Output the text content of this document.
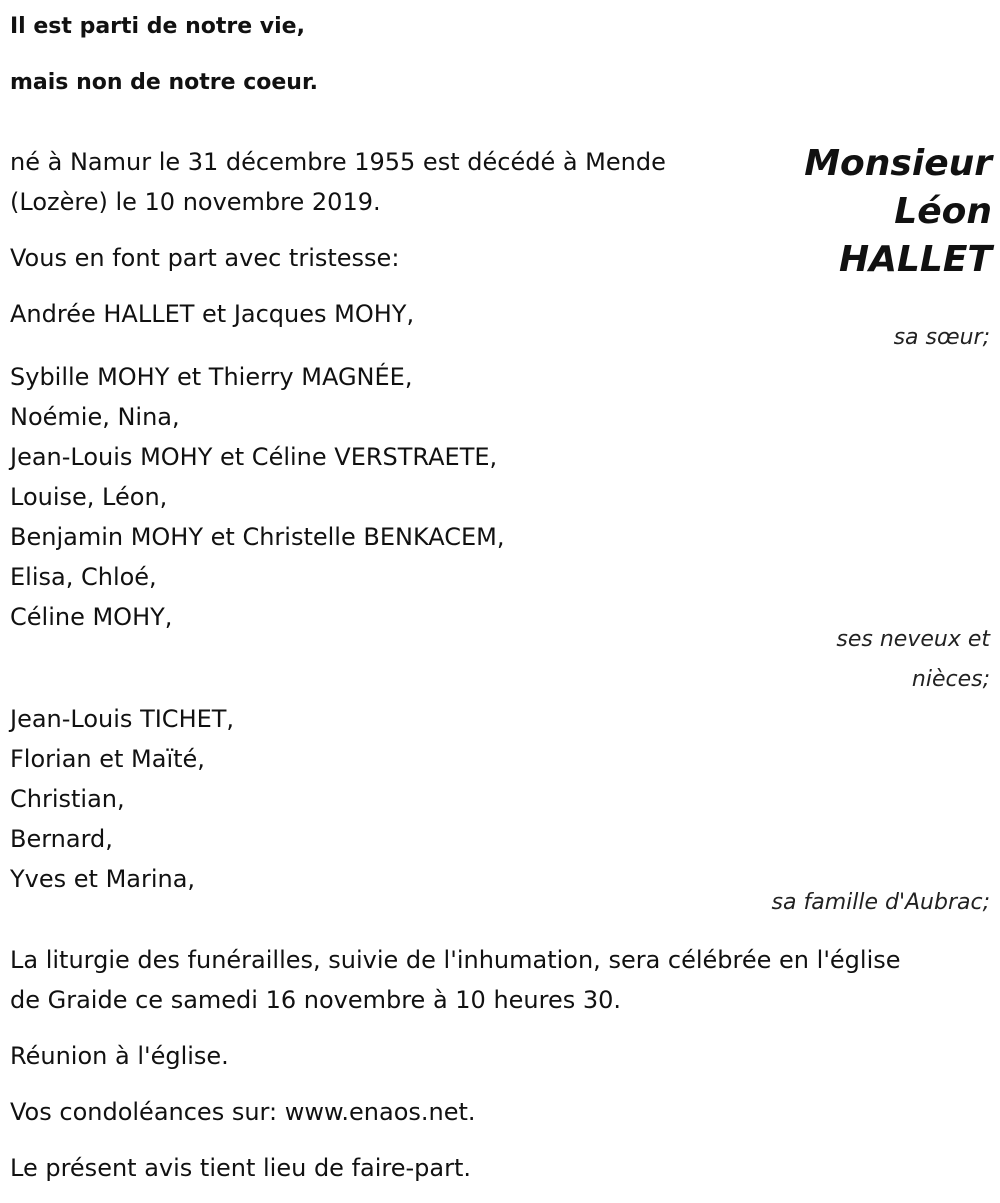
Il est parti de notre vie,
mais non de notre coeur.
Monsieur
Léon
HALLET
né à Namur le 31 décembre 1955 est décédé à Mende
(Lozère) le 10 novembre 2019.
Vous en font part avec tristesse:
Andrée HALLET et Jacques MOHY,
sa sœur;
Sybille MOHY et Thierry MAGNÉE,
Noémie, Nina,
Jean-Louis MOHY et Céline VERSTRAETE,
Louise, Léon,
Benjamin MOHY et Christelle BENKACEM,
Elisa, Chloé,
Céline MOHY,
ses neveux et
nièces;
Jean-Louis TICHET,
Florian et Maïté,
Christian,
Bernard,
Yves et Marina,
sa famille d'Aubrac;
La liturgie des funérailles, suivie de l'inhumation, sera célébrée en l'église
de Graide ce samedi 16 novembre à 10 heures 30.
Réunion à l'église.
Vos condoléances sur: www.enaos.net.
Le présent avis tient lieu de faire-part.
